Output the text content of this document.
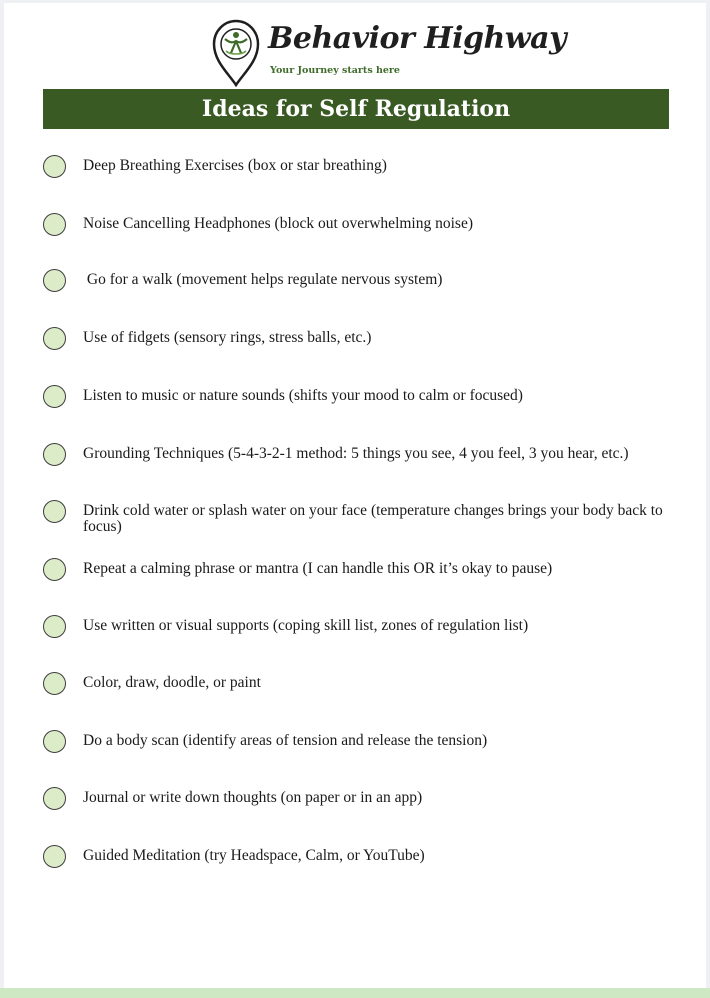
Behavior Highway
Your Journey starts here
Ideas for Self Regulation
Deep Breathing Exercises (box or star breathing)
Noise Cancelling Headphones (block out overwhelming noise)
Go for a walk (movement helps regulate nervous system)
Use of fidgets (sensory rings, stress balls, etc.)
Listen to music or nature sounds (shifts your mood to calm or focused)
Grounding Techniques (5-4-3-2-1 method: 5 things you see, 4 you feel, 3 you hear, etc.)
Drink cold water or splash water on your face (temperature changes brings your body back to focus)
Repeat a calming phrase or mantra (I can handle this OR it’s okay to pause)
Use written or visual supports (coping skill list, zones of regulation list)
Color, draw, doodle, or paint
Do a body scan (identify areas of tension and release the tension)
Journal or write down thoughts (on paper or in an app)
Guided Meditation (try Headspace, Calm, or YouTube)
